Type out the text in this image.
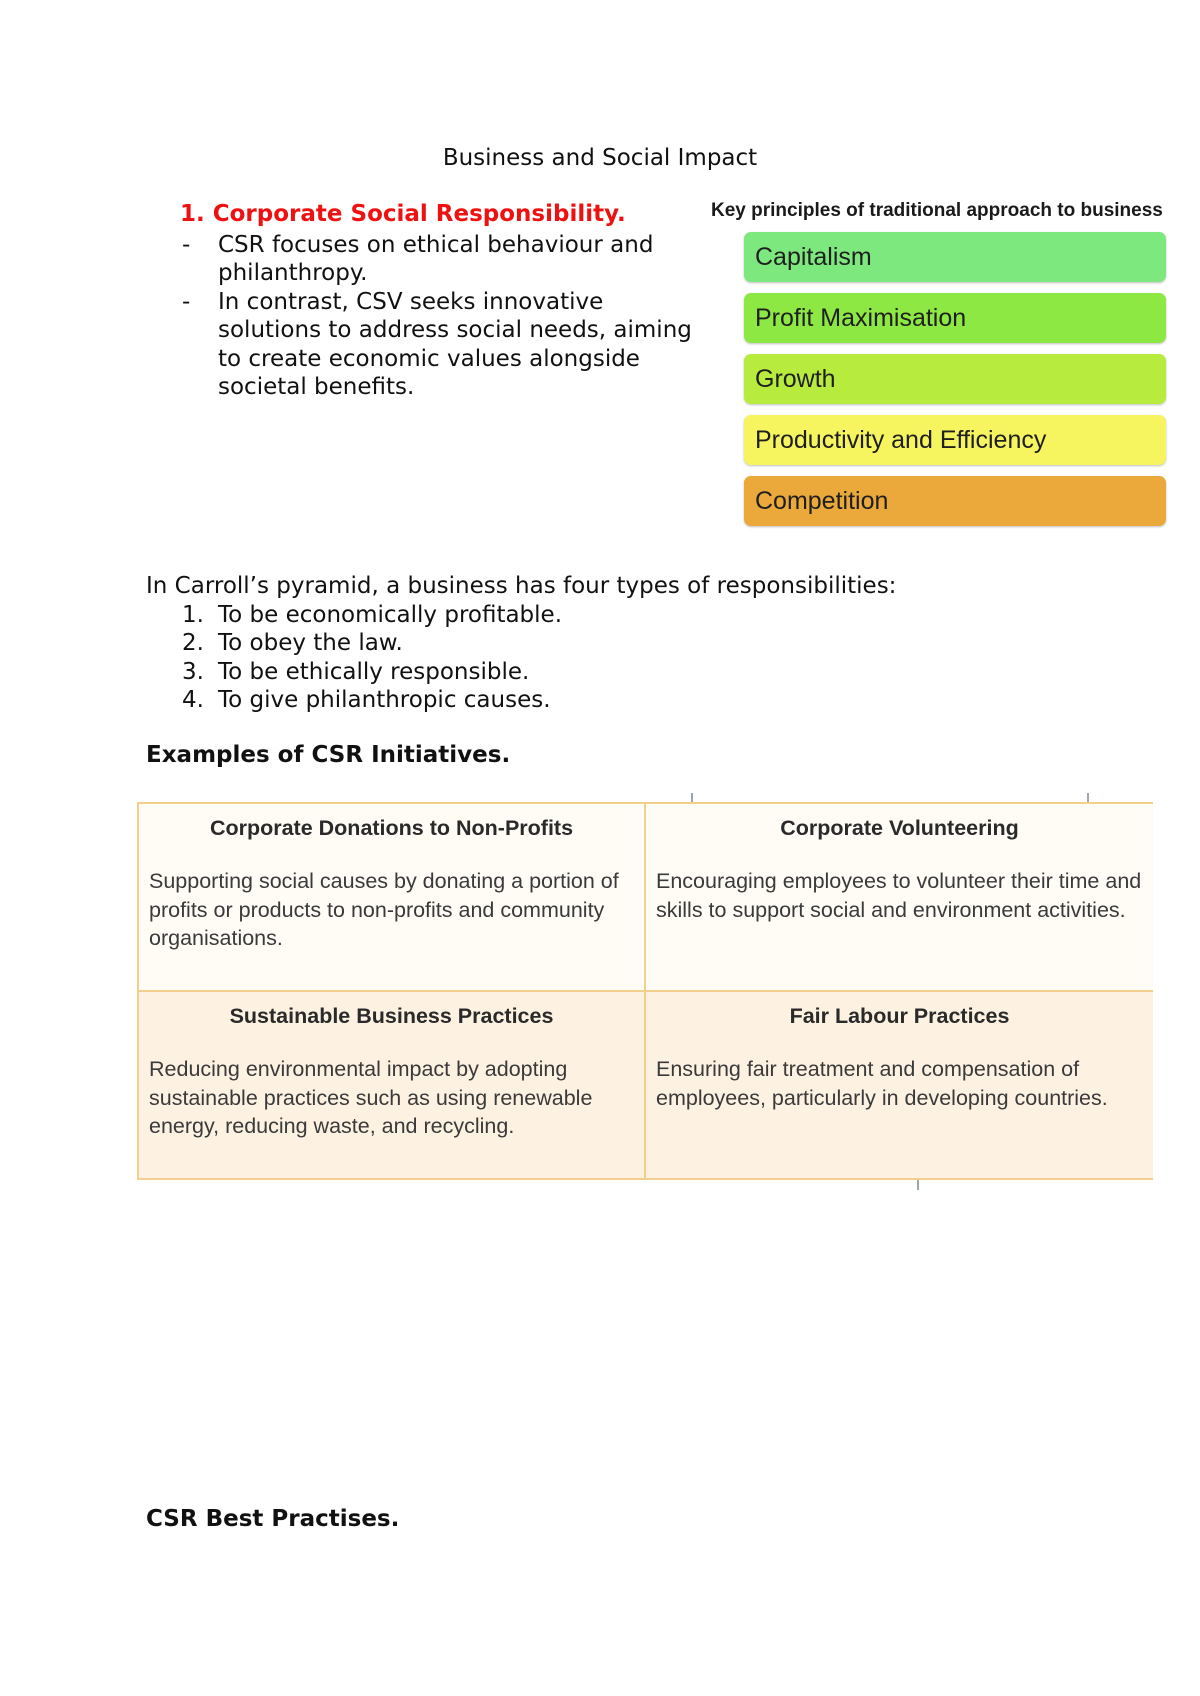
Business and Social Impact
1. Corporate Social Responsibility.
- CSR focuses on ethical behaviour and philanthropy.
- In contrast, CSV seeks innovative solutions to address social needs, aiming to create economic values alongside societal benefits.
Key principles of traditional approach to business
Capitalism
Profit Maximisation
Growth
Productivity and Efficiency
Competition
In Carroll’s pyramid, a business has four types of responsibilities:
1. To be economically profitable.
2. To obey the law.
3. To be ethically responsible.
4. To give philanthropic causes.
Examples of CSR Initiatives.
Corporate Donations to Non-Profits
Supporting social causes by donating a portion of profits or products to non-profits and community organisations.
Corporate Volunteering
Encouraging employees to volunteer their time and skills to support social and environment activities.
Sustainable Business Practices
Reducing environmental impact by adopting sustainable practices such as using renewable energy, reducing waste, and recycling.
Fair Labour Practices
Ensuring fair treatment and compensation of employees, particularly in developing countries.
CSR Best Practises.
